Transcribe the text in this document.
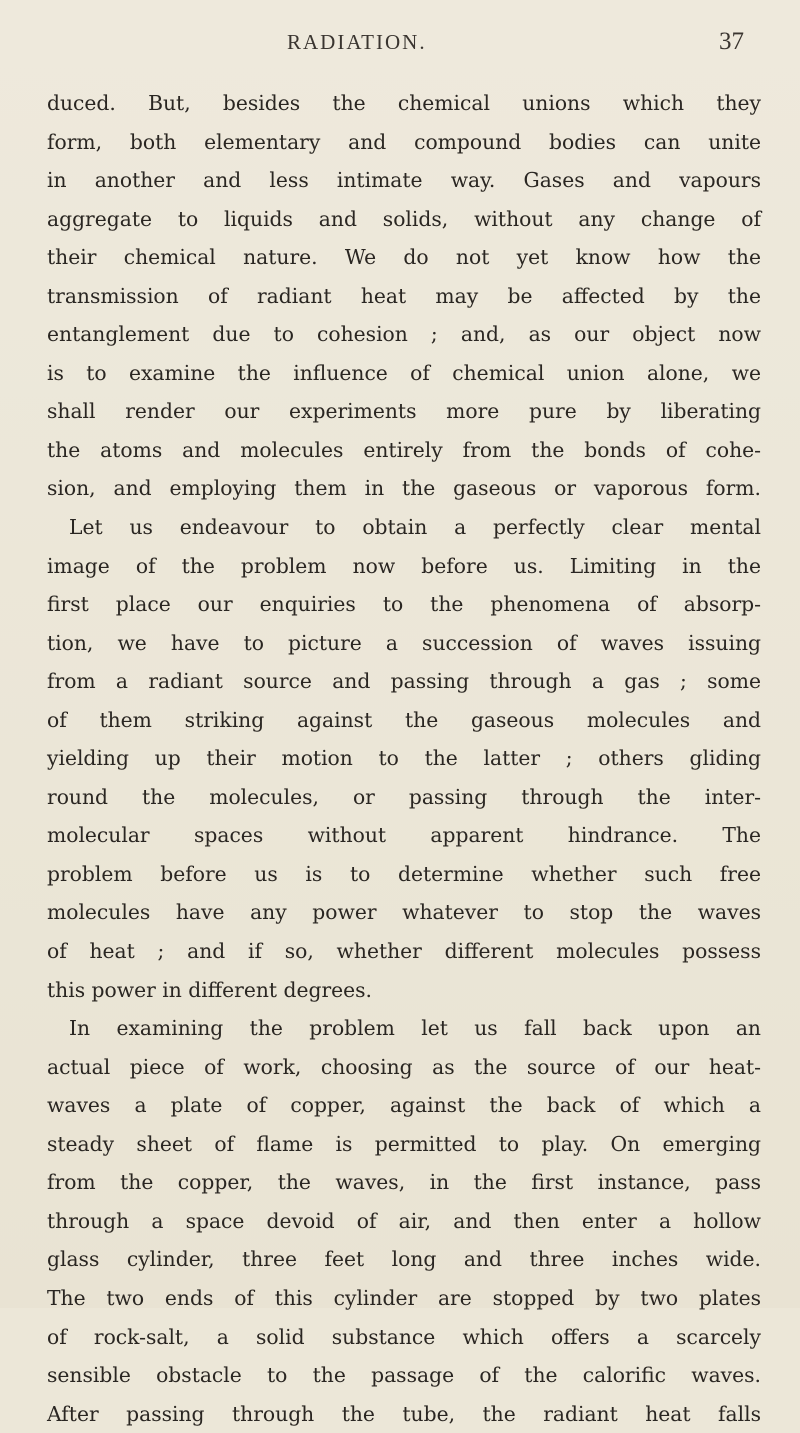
RADIATION.	37
duced. But, besides the chemical unions which they
form, both elementary and compound bodies can unite
in another and less intimate way. Gases and vapours
aggregate to liquids and solids, without any change of
their chemical nature. We do not yet know how the
transmission of radiant heat may be affected by the
entanglement due to cohesion ; and, as our object now
is to examine the influence of chemical union alone, we
shall render our experiments more pure by liberating
the atoms and molecules entirely from the bonds of cohe-
sion, and employing them in the gaseous or vaporous form.
Let us endeavour to obtain a perfectly clear mental
image of the problem now before us. Limiting in the
first place our enquiries to the phenomena of absorp-
tion, we have to picture a succession of waves issuing
from a radiant source and passing through a gas ; some
of them striking against the gaseous molecules and
yielding up their motion to the latter ; others gliding
round the molecules, or passing through the inter-
molecular spaces without apparent hindrance. The
problem before us is to determine whether such free
molecules have any power whatever to stop the waves
of heat ; and if so, whether different molecules possess
this power in different degrees.
In examining the problem let us fall back upon an
actual piece of work, choosing as the source of our heat-
waves a plate of copper, against the back of which a
steady sheet of flame is permitted to play. On emerging
from the copper, the waves, in the first instance, pass
through a space devoid of air, and then enter a hollow
glass cylinder, three feet long and three inches wide.
The two ends of this cylinder are stopped by two plates
of rock-salt, a solid substance which offers a scarcely
sensible obstacle to the passage of the calorific waves.
After passing through the tube, the radiant heat falls
